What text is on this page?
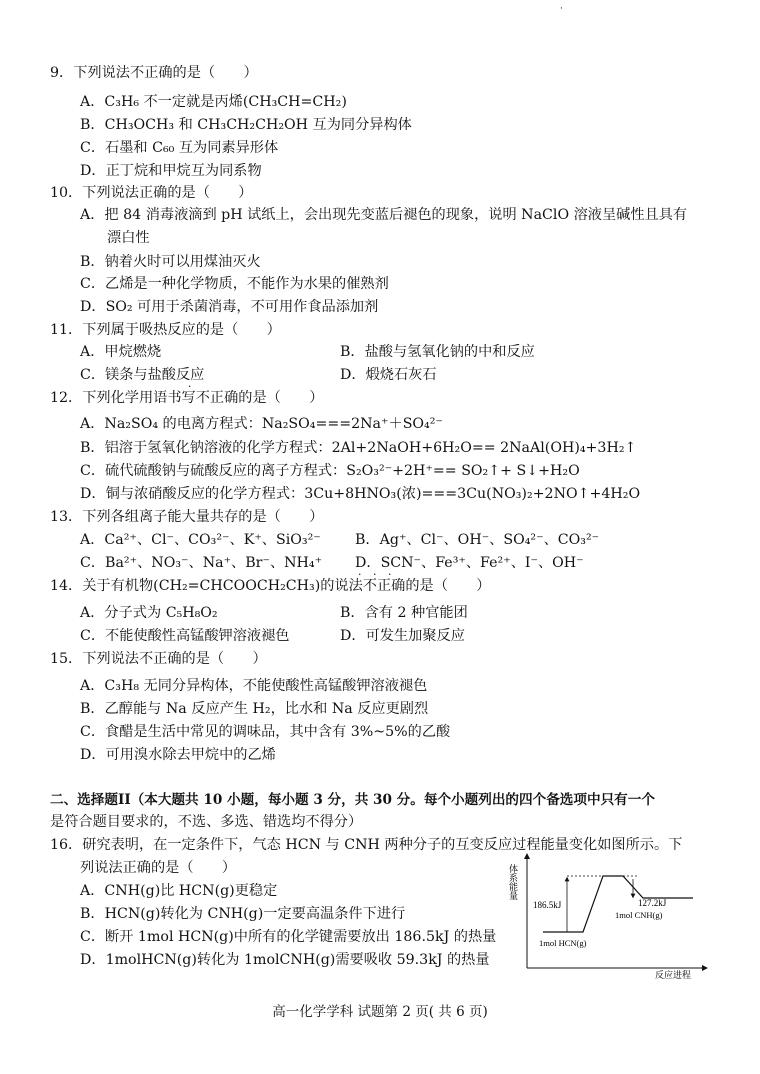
·
9．下列说法不正确的是（　　）
A．C₃H₆ 不一定就是丙烯(CH₃CH=CH₂)
B．CH₃OCH₃ 和 CH₃CH₂CH₂OH 互为同分异构体
C．石墨和 C₆₀ 互为同素异形体
D．正丁烷和甲烷互为同系物
10．下列说法正确的是（　　）
A．把 84 消毒液滴到 pH 试纸上，会出现先变蓝后褪色的现象，说明 NaClO 溶液呈碱性且具有
漂白性
B．钠着火时可以用煤油灭火
C．乙烯是一种化学物质，不能作为水果的催熟剂
D．SO₂ 可用于杀菌消毒，不可用作食品添加剂
11．下列属于吸热反应的是（　　）
A．甲烷燃烧	B．盐酸与氢氧化钠的中和反应
C．镁条与盐酸反应	D．煅烧石灰石
12．下列化学用语书写不正确的是（　　）
·
A．Na₂SO₄ 的电离方程式：Na₂SO₄===2Na⁺＋SO₄²⁻
B．铝溶于氢氧化钠溶液的化学方程式：2Al+2NaOH+6H₂O== 2NaAl(OH)₄+3H₂↑
C．硫代硫酸钠与硫酸反应的离子方程式：S₂O₃²⁻+2H⁺== SO₂↑+ S↓+H₂O
D．铜与浓硝酸反应的化学方程式：3Cu+8HNO₃(浓)===3Cu(NO₃)₂+2NO↑+4H₂O
13．下列各组离子能大量共存的是（　　）
A．Ca²⁺、Cl⁻、CO₃²⁻、K⁺、SiO₃²⁻ B．Ag⁺、Cl⁻、OH⁻、SO₄²⁻、CO₃²⁻
C．Ba²⁺、NO₃⁻、Na⁺、Br⁻、NH₄⁺ D．SCN⁻、Fe³⁺、Fe²⁺、I⁻、OH⁻
14．关于有机物(CH₂=CHCOOCH₂CH₃)的说法不正确的是（　　）
· · ·
A．分子式为 C₅H₈O₂	B．含有 2 种官能团
C．不能使酸性高锰酸钾溶液褪色	D．可发生加聚反应
15．下列说法不正确的是（　　）
A．C₃H₈ 无同分异构体，不能使酸性高锰酸钾溶液褪色
B．乙醇能与 Na 反应产生 H₂，比水和 Na 反应更剧烈
C．食醋是生活中常见的调味品，其中含有 3%~5%的乙酸
D．可用溴水除去甲烷中的乙烯
二、选择题II（本大题共 10 小题，每小题 3 分，共 30 分。每个小题列出的四个备选项中只有一个
是符合题目要求的，不选、多选、错选均不得分）
16．研究表明，在一定条件下，气态 HCN 与 CNH 两种分子的互变反应过程能量变化如图所示。下
列说法正确的是（　　）
A．CNH(g)比 HCN(g)更稳定
B．HCN(g)转化为 CNH(g)一定要高温条件下进行
C．断开 1mol HCN(g)中所有的化学键需要放出 186.5kJ 的热量
D．1molHCN(g)转化为 1molCNH(g)需要吸收 59.3kJ 的热量
体系能量
186.5kJ	127.2kJ
1mol HCN(g)
1mol CNH(g)
反应进程
高一化学学科 试题第 2 页( 共 6 页)
